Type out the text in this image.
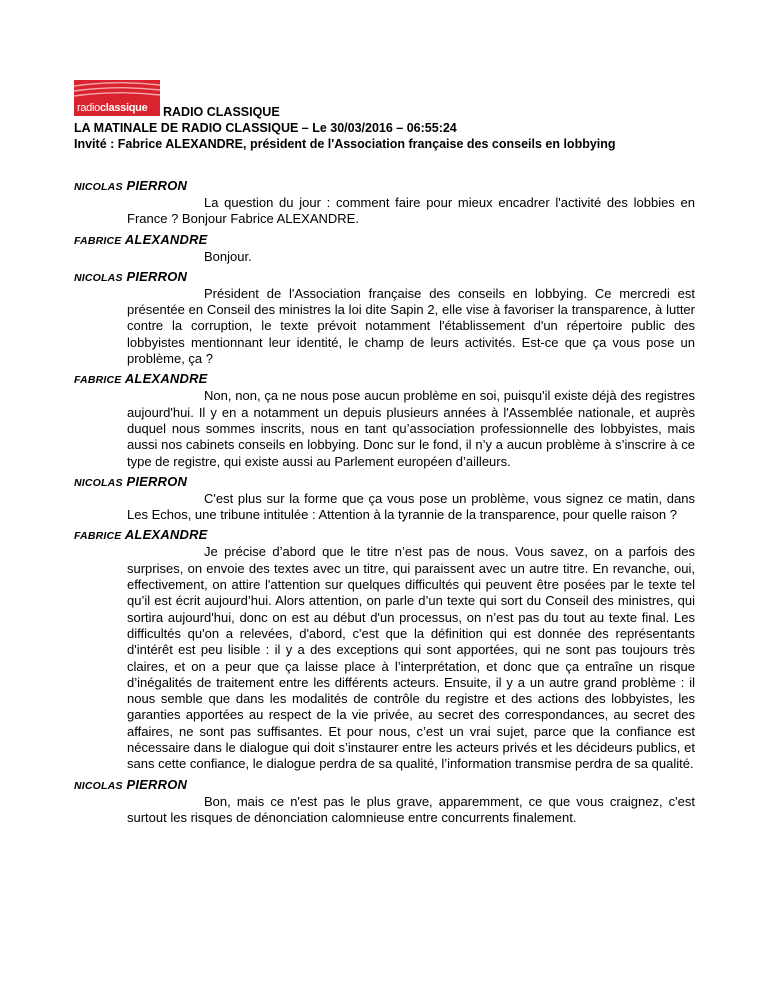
radioclassique RADIO CLASSIQUE
LA MATINALE DE RADIO CLASSIQUE – Le 30/03/2016 – 06:55:24
Invité : Fabrice ALEXANDRE, président de l'Association française des conseils en lobbying
NICOLAS PIERRON
La question du jour : comment faire pour mieux encadrer l'activité des lobbies en France ? Bonjour Fabrice ALEXANDRE.
FABRICE ALEXANDRE
Bonjour.
NICOLAS PIERRON
Président de l'Association française des conseils en lobbying. Ce mercredi est présentée en Conseil des ministres la loi dite Sapin 2, elle vise à favoriser la transparence, à lutter contre la corruption, le texte prévoit notamment l'établissement d'un répertoire public des lobbyistes mentionnant leur identité, le champ de leurs activités. Est-ce que ça vous pose un problème, ça ?
FABRICE ALEXANDRE
Non, non, ça ne nous pose aucun problème en soi, puisqu'il existe déjà des registres aujourd'hui. Il y en a notamment un depuis plusieurs années à l'Assemblée nationale, et auprès duquel nous sommes inscrits, nous en tant qu’association professionnelle des lobbyistes, mais aussi nos cabinets conseils en lobbying. Donc sur le fond, il n’y a aucun problème à s’inscrire à ce type de registre, qui existe aussi au Parlement européen d’ailleurs.
NICOLAS PIERRON
C'est plus sur la forme que ça vous pose un problème, vous signez ce matin, dans Les Echos, une tribune intitulée : Attention à la tyrannie de la transparence, pour quelle raison ?
FABRICE ALEXANDRE
Je précise d’abord que le titre n’est pas de nous. Vous savez, on a parfois des surprises, on envoie des textes avec un titre, qui paraissent avec un autre titre. En revanche, oui, effectivement, on attire l'attention sur quelques difficultés qui peuvent être posées par le texte tel qu’il est écrit aujourd’hui. Alors attention, on parle d’un texte qui sort du Conseil des ministres, qui sortira aujourd'hui, donc on est au début d'un processus, on n’est pas du tout au texte final. Les difficultés qu'on a relevées, d'abord, c'est que la définition qui est donnée des représentants d'intérêt est peu lisible : il y a des exceptions qui sont apportées, qui ne sont pas toujours très claires, et on a peur que ça laisse place à l’interprétation, et donc que ça entraîne un risque d’inégalités de traitement entre les différents acteurs. Ensuite, il y a un autre grand problème : il nous semble que dans les modalités de contrôle du registre et des actions des lobbyistes, les garanties apportées au respect de la vie privée, au secret des correspondances, au secret des affaires, ne sont pas suffisantes. Et pour nous, c’est un vrai sujet, parce que la confiance est nécessaire dans le dialogue qui doit s’instaurer entre les acteurs privés et les décideurs publics, et sans cette confiance, le dialogue perdra de sa qualité, l’information transmise perdra de sa qualité.
NICOLAS PIERRON
Bon, mais ce n'est pas le plus grave, apparemment, ce que vous craignez, c'est surtout les risques de dénonciation calomnieuse entre concurrents finalement.
